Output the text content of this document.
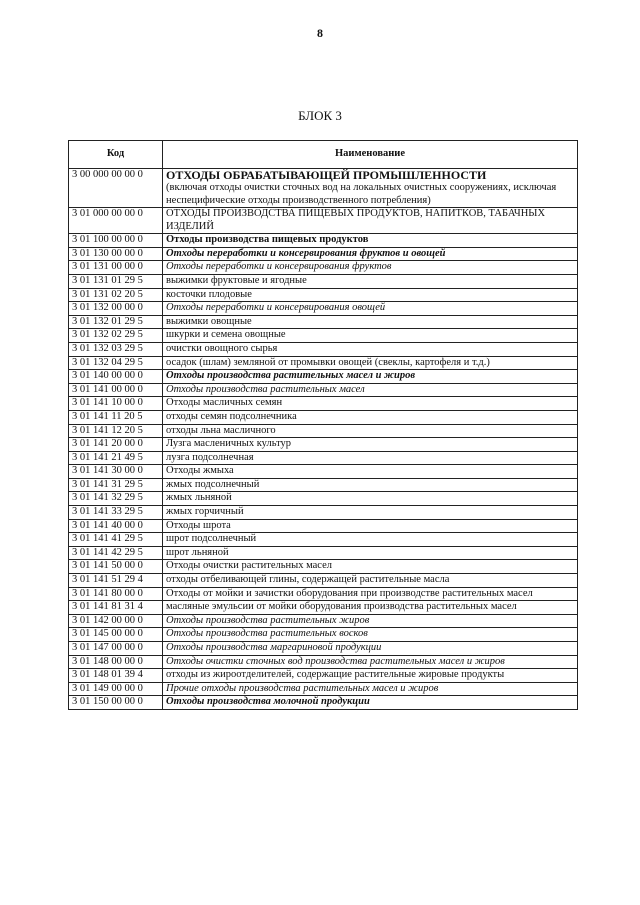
8
БЛОК 3
Код	Наименование
3 00 000 00 00 0	ОТХОДЫ ОБРАБАТЫВАЮЩЕЙ ПРОМЫШЛЕННОСТИ
(включая отходы очистки сточных вод на локальных очистных сооружениях, исключая неспецифические отходы производственного потребления)

3 01 000 00 00 0	ОТХОДЫ ПРОИЗВОДСТВА ПИЩЕВЫХ ПРОДУКТОВ, НАПИТКОВ, ТАБАЧНЫХ ИЗДЕЛИЙ
3 01 100 00 00 0	Отходы производства пищевых продуктов
3 01 130 00 00 0	Отходы переработки и консервирования фруктов и овощей
3 01 131 00 00 0	Отходы переработки и консервирования фруктов
3 01 131 01 29 5	выжимки фруктовые и ягодные
3 01 131 02 20 5	косточки плодовые
3 01 132 00 00 0	Отходы переработки и консервирования овощей
3 01 132 01 29 5	выжимки овощные
3 01 132 02 29 5	шкурки и семена овощные
3 01 132 03 29 5	очистки овощного сырья
3 01 132 04 29 5	осадок (шлам) земляной от промывки овощей (свеклы, картофеля и т.д.)
3 01 140 00 00 0	Отходы производства растительных масел и жиров
3 01 141 00 00 0	Отходы производства растительных масел
3 01 141 10 00 0	Отходы масличных семян
3 01 141 11 20 5	отходы семян подсолнечника
3 01 141 12 20 5	отходы льна масличного
3 01 141 20 00 0	Лузга масленичных культур
3 01 141 21 49 5	лузга подсолнечная
3 01 141 30 00 0	Отходы жмыха
3 01 141 31 29 5	жмых подсолнечный
3 01 141 32 29 5	жмых льняной
3 01 141 33 29 5	жмых горчичный
3 01 141 40 00 0	Отходы шрота
3 01 141 41 29 5	шрот подсолнечный
3 01 141 42 29 5	шрот льняной
3 01 141 50 00 0	Отходы очистки растительных масел
3 01 141 51 29 4	отходы отбеливающей глины, содержащей растительные масла
3 01 141 80 00 0	Отходы от мойки и зачистки оборудования при производстве растительных масел
3 01 141 81 31 4	масляные эмульсии от мойки оборудования производства растительных масел
3 01 142 00 00 0	Отходы производства растительных жиров
3 01 145 00 00 0	Отходы производства растительных восков
3 01 147 00 00 0	Отходы производства маргариновой продукции
3 01 148 00 00 0	Отходы очистки сточных вод производства растительных масел и жиров
3 01 148 01 39 4	отходы из жироотделителей, содержащие растительные жировые продукты
3 01 149 00 00 0	Прочие отходы производства растительных масел и жиров
3 01 150 00 00 0	Отходы производства молочной продукции
